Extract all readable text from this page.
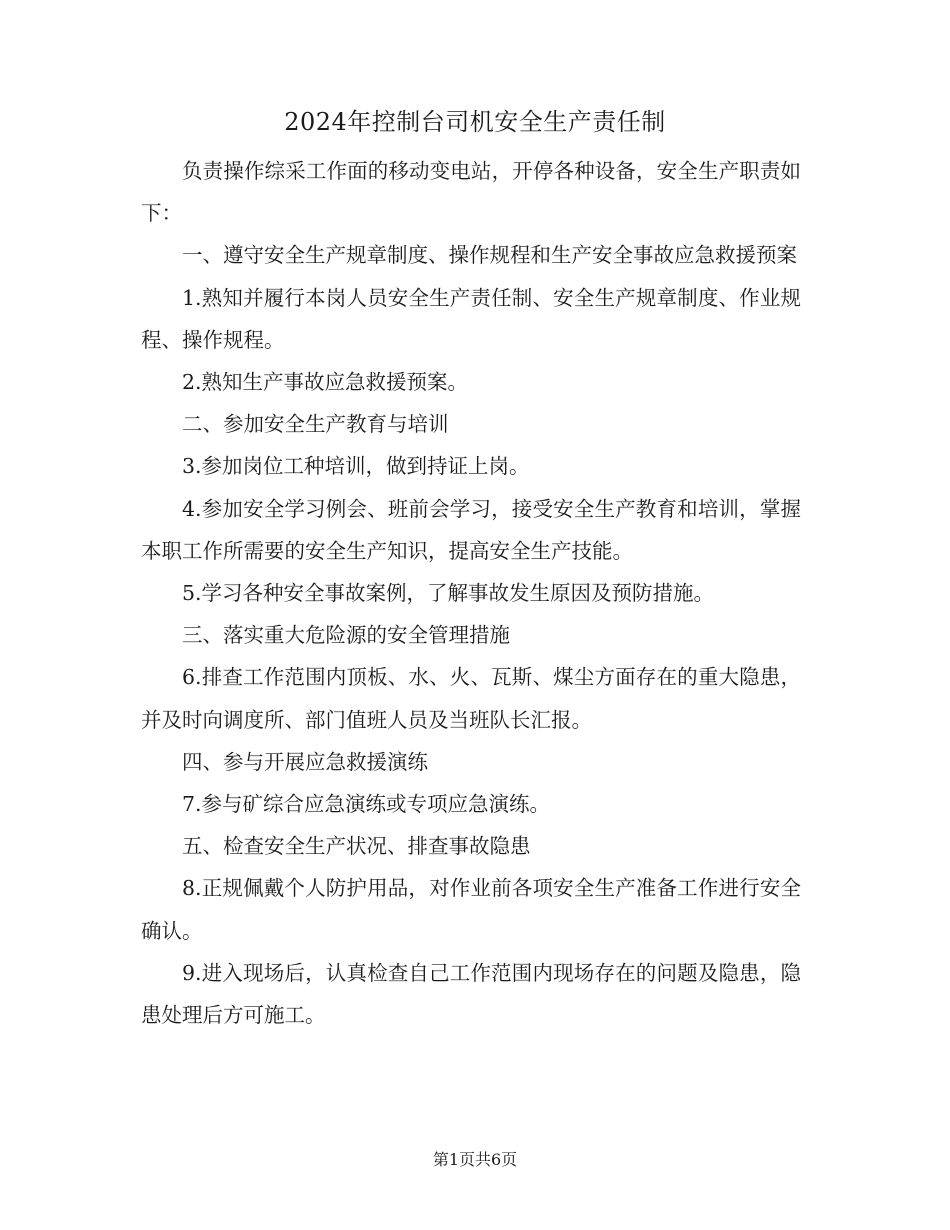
2024年控制台司机安全生产责任制

负责操作综采工作面的移动变电站，开停各种设备，安全生产职责如下：

一、遵守安全生产规章制度、操作规程和生产安全事故应急救援预案

1.熟知并履行本岗人员安全生产责任制、安全生产规章制度、作业规程、操作规程。

2.熟知生产事故应急救援预案。

二、参加安全生产教育与培训

3.参加岗位工种培训，做到持证上岗。

4.参加安全学习例会、班前会学习，接受安全生产教育和培训，掌握本职工作所需要的安全生产知识，提高安全生产技能。

5.学习各种安全事故案例，了解事故发生原因及预防措施。

三、落实重大危险源的安全管理措施

6.排查工作范围内顶板、水、火、瓦斯、煤尘方面存在的重大隐患，并及时向调度所、部门值班人员及当班队长汇报。

四、参与开展应急救援演练

7.参与矿综合应急演练或专项应急演练。

五、检查安全生产状况、排查事故隐患

8.正规佩戴个人防护用品，对作业前各项安全生产准备工作进行安全确认。

9.进入现场后，认真检查自己工作范围内现场存在的问题及隐患，隐患处理后方可施工。

第1页共6页
